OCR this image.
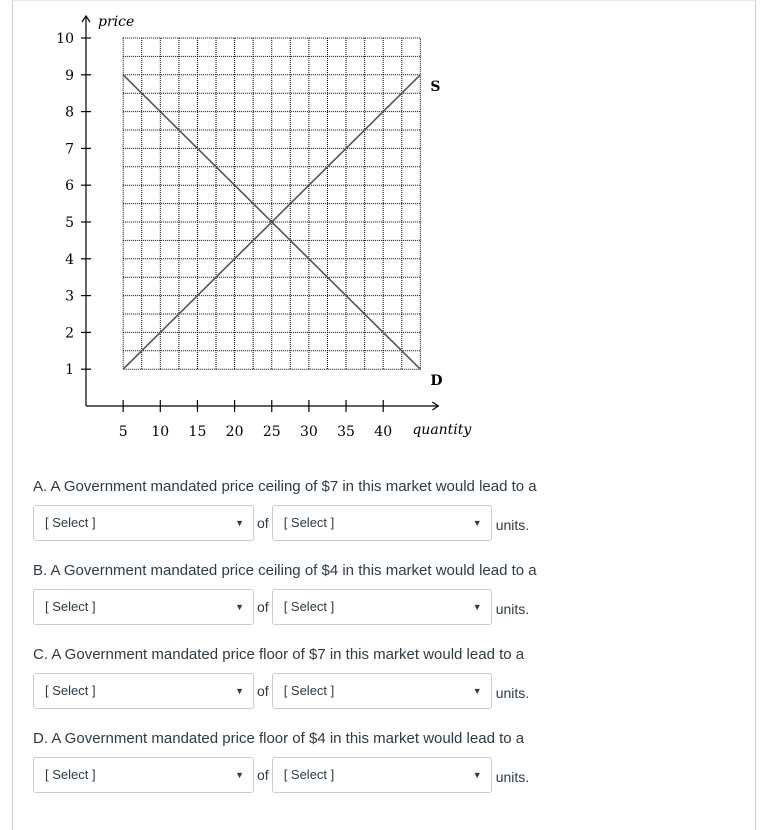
1
2
3
4
5
6
7
8
9
10
5 10 15 20 25 30 35 40
price
quantity
S
D
A. A Government mandated price ceiling of $7 in this market would lead to a
[ Select ]	▼ of	[ Select ]	▼ units.
B. A Government mandated price ceiling of $4 in this market would lead to a
[ Select ]	▼ of	[ Select ]	▼ units.
C. A Government mandated price floor of $7 in this market would lead to a
[ Select ]	▼ of	[ Select ]	▼ units.
D. A Government mandated price floor of $4 in this market would lead to a
[ Select ]	▼ of	[ Select ]	▼ units.
